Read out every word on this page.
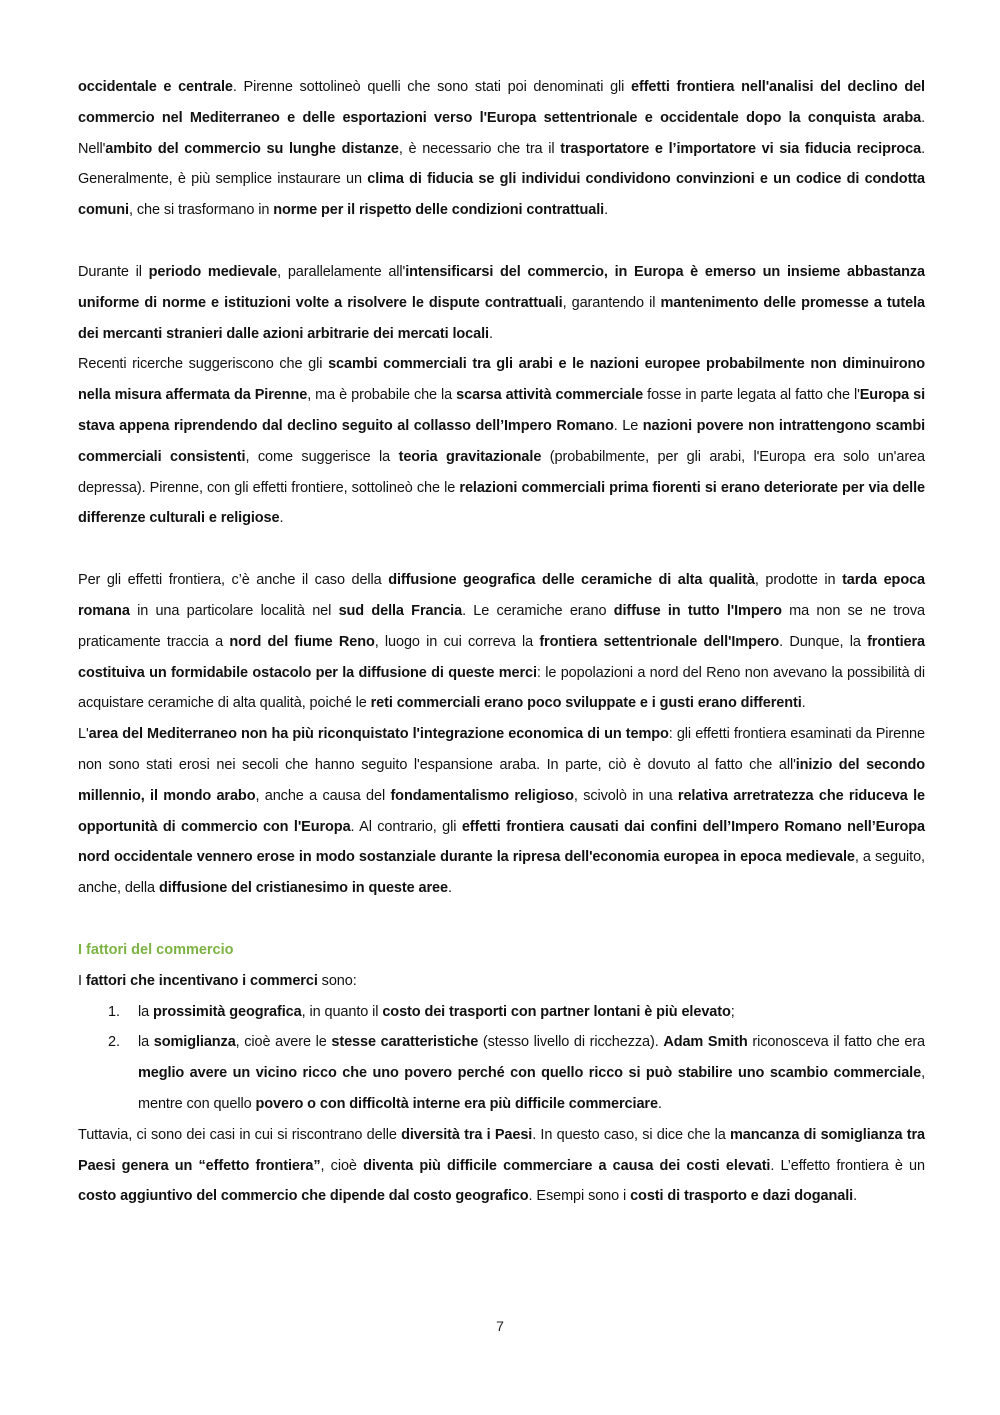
occidentale e centrale. Pirenne sottolineò quelli che sono stati poi denominati gli effetti frontiera nell'analisi del declino del commercio nel Mediterraneo e delle esportazioni verso l'Europa settentrionale e occidentale dopo la conquista araba. Nell'ambito del commercio su lunghe distanze, è necessario che tra il trasportatore e l’importatore vi sia fiducia reciproca. Generalmente, è più semplice instaurare un clima di fiducia se gli individui condividono convinzioni e un codice di condotta comuni, che si trasformano in norme per il rispetto delle condizioni contrattuali.

Durante il periodo medievale, parallelamente all'intensificarsi del commercio, in Europa è emerso un insieme abbastanza uniforme di norme e istituzioni volte a risolvere le dispute contrattuali, garantendo il mantenimento delle promesse a tutela dei mercanti stranieri dalle azioni arbitrarie dei mercati locali.

Recenti ricerche suggeriscono che gli scambi commerciali tra gli arabi e le nazioni europee probabilmente non diminuirono nella misura affermata da Pirenne, ma è probabile che la scarsa attività commerciale fosse in parte legata al fatto che l'Europa si stava appena riprendendo dal declino seguito al collasso dell’Impero Romano. Le nazioni povere non intrattengono scambi commerciali consistenti, come suggerisce la teoria gravitazionale (probabilmente, per gli arabi, l'Europa era solo un'area depressa). Pirenne, con gli effetti frontiere, sottolineò che le relazioni commerciali prima fiorenti si erano deteriorate per via delle differenze culturali e religiose.

Per gli effetti frontiera, c’è anche il caso della diffusione geografica delle ceramiche di alta qualità, prodotte in tarda epoca romana in una particolare località nel sud della Francia. Le ceramiche erano diffuse in tutto l'Impero ma non se ne trova praticamente traccia a nord del fiume Reno, luogo in cui correva la frontiera settentrionale dell'Impero. Dunque, la frontiera costituiva un formidabile ostacolo per la diffusione di queste merci: le popolazioni a nord del Reno non avevano la possibilità di acquistare ceramiche di alta qualità, poiché le reti commerciali erano poco sviluppate e i gusti erano differenti.

L'area del Mediterraneo non ha più riconquistato l'integrazione economica di un tempo: gli effetti frontiera esaminati da Pirenne non sono stati erosi nei secoli che hanno seguito l'espansione araba. In parte, ciò è dovuto al fatto che all'inizio del secondo millennio, il mondo arabo, anche a causa del fondamentalismo religioso, scivolò in una relativa arretratezza che riduceva le opportunità di commercio con l'Europa. Al contrario, gli effetti frontiera causati dai confini dell’Impero Romano nell’Europa nord occidentale vennero erose in modo sostanziale durante la ripresa dell'economia europea in epoca medievale, a seguito, anche, della diffusione del cristianesimo in queste aree.

I fattori del commercio

I fattori che incentivano i commerci sono:

1. la prossimità geografica, in quanto il costo dei trasporti con partner lontani è più elevato;
2. la somiglianza, cioè avere le stesse caratteristiche (stesso livello di ricchezza). Adam Smith riconosceva il fatto che era meglio avere un vicino ricco che uno povero perché con quello ricco si può stabilire uno scambio commerciale, mentre con quello povero o con difficoltà interne era più difficile commerciare.

Tuttavia, ci sono dei casi in cui si riscontrano delle diversità tra i Paesi. In questo caso, si dice che la mancanza di somiglianza tra Paesi genera un “effetto frontiera”, cioè diventa più difficile commerciare a causa dei costi elevati. L’effetto frontiera è un costo aggiuntivo del commercio che dipende dal costo geografico. Esempi sono i costi di trasporto e dazi doganali.

7
